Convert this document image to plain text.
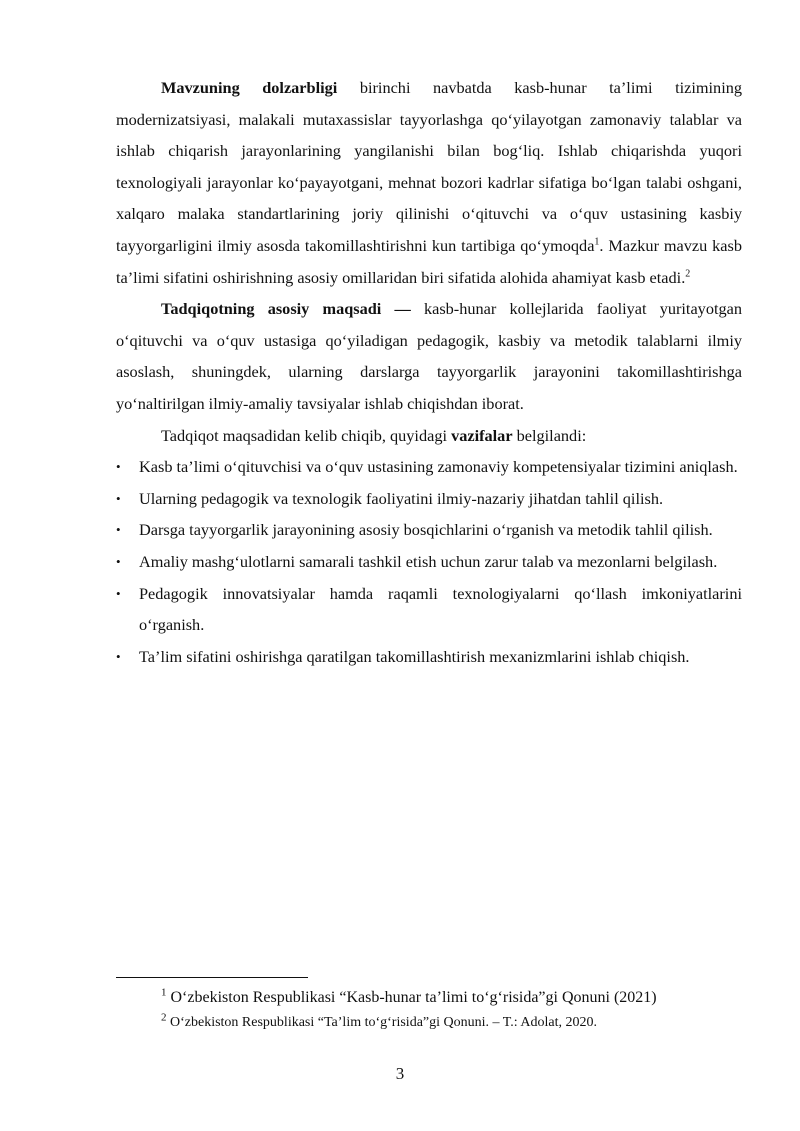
Mavzuning dolzarbligi birinchi navbatda kasb-hunar ta’limi tizimining modernizatsiyasi, malakali mutaxassislar tayyorlashga qo‘yilayotgan zamonaviy talablar va ishlab chiqarish jarayonlarining yangilanishi bilan bog‘liq. Ishlab chiqarishda yuqori texnologiyali jarayonlar ko‘payayotgani, mehnat bozori kadrlar sifatiga bo‘lgan talabi oshgani, xalqaro malaka standartlarining joriy qilinishi o‘qituvchi va o‘quv ustasining kasbiy tayyorgarligini ilmiy asosda takomillashtirishni kun tartibiga qo‘ymoqda$^1$. Mazkur mavzu kasb ta’limi sifatini oshirishning asosiy omillaridan biri sifatida alohida ahamiyat kasb etadi.$^2$

Tadqiqotning asosiy maqsadi — kasb-hunar kollejlarida faoliyat yuritayotgan o‘qituvchi va o‘quv ustasiga qo‘yiladigan pedagogik, kasbiy va metodik talablarni ilmiy asoslash, shuningdek, ularning darslarga tayyorgarlik jarayonini takomillashtirishga yo‘naltirilgan ilmiy-amaliy tavsiyalar ishlab chiqishdan iborat.

Tadqiqot maqsadidan kelib chiqib, quyidagi vazifalar belgilandi:

• Kasb ta’limi o‘qituvchisi va o‘quv ustasining zamonaviy kompetensiyalar tizimini aniqlash.
• Ularning pedagogik va texnologik faoliyatini ilmiy-nazariy jihatdan tahlil qilish.
• Darsga tayyorgarlik jarayonining asosiy bosqichlarini o‘rganish va metodik tahlil qilish.
• Amaliy mashg‘ulotlarni samarali tashkil etish uchun zarur talab va mezonlarni belgilash.
• Pedagogik innovatsiyalar hamda raqamli texnologiyalarni qo‘llash imkoniyatlarini o‘rganish.
• Ta’lim sifatini oshirishga qaratilgan takomillashtirish mexanizmlarini ishlab chiqish.
$^1$ O‘zbekiston Respublikasi “Kasb-hunar ta’limi to‘g‘risida”gi Qonuni (2021)
$^2$ O‘zbekiston Respublikasi “Ta’lim to‘g‘risida”gi Qonuni. – T.: Adolat, 2020.
3
